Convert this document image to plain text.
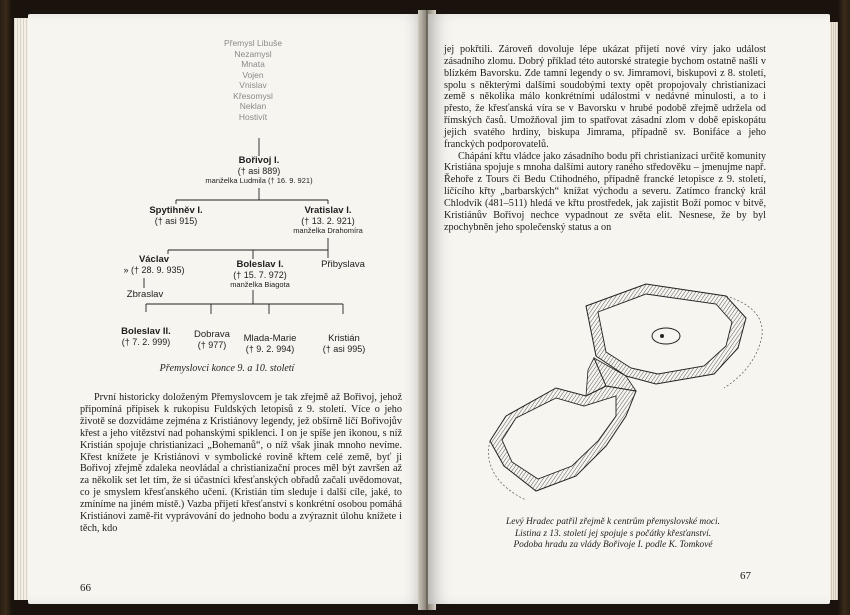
Přemysl Libuše
Nezamysl
Mnata
Vojen
Vnislav
Křesomysl
Neklan
Hostivít
Bořivoj I.
(† asi 889)
manželka Ludmila († 16. 9. 921)
Spytihněv I.
(† asi 915)
Vratislav I.
(† 13. 2. 921)
manželka Drahomíra
Václav
» († 28. 9. 935)	Boleslav I.
(† 15. 7. 972)
manželka Biagota
Přibyslava
Zbraslav
Boleslav II.
(† 7. 2. 999)
Dobrava
(† 977)
Mlada-Marie
(† 9. 2. 994)
Kristián
(† asi 995)
Přemyslovci konce 9. a 10. století

První historicky doloženým Přemyslovcem je tak zřejmě až Bořivoj, jehož připomíná přípisek k rukopisu Fuldských letopisů z 9. století. Více o jeho životě se dozvídáme zejména z Kristiánovy legendy, jež obšírně líčí Bořivojův křest a jeho vítězství nad pohanskými spiklenci. I on je spíše jen ikonou, s níž Kristián spojuje christianizaci „Bohemanů“, o níž však jinak mnoho nevíme. Křest knížete je Kristiánovi v symbolické rovině křtem celé země, byť ji Bořivoj zřejmě zdaleka neovládal a christianizační proces měl být završen až za několik set let tím, že si účastníci křesťanských obřadů začali uvědomovat, co je smyslem křesťanského učení. (Kristián tím sleduje i další cíle, jaké, to zmíníme na jiném místě.) Vazba přijetí křesťanství s konkrétní osobou pomáhá Kristiánovi zamě-řit vyprávování do jednoho bodu a zvýraznit úlohu knížete i těch, kdo

66

jej pokřtili. Zároveň dovoluje lépe ukázat přijetí nové víry jako událost zásadního zlomu. Dobrý příklad této autorské strategie bychom ostatně našli v blízkém Bavorsku. Zde tamní legendy o sv. Jimramovi, biskupovi z 8. století, spolu s některými dalšími soudobými texty opět propojovaly christianizaci země s několika málo konkrétními událostmi v nedávné minulosti, a to i přesto, že křesťanská víra se v Bavorsku v hrubé podobě zřejmě udržela od římských časů. Umožňoval jim to spatřovat zásadní zlom v době episkopátu jejich svatého hrdiny, biskupa Jimrama, případně sv. Bonifáce a jeho franckých podporovatelů.

Chápání křtu vládce jako zásadního bodu při christianizaci určitě komunity Kristiána spojuje s mnoha dalšími autory raného středověku – jmenujme např. Řehoře z Tours či Bedu Ctihodného, případně francké letopisce z 9. století, líčícího křty „barbarských“ knížat východu a severu. Zatímco francký král Chlodvík (481–511) hledá ve křtu prostředek, jak zajistit Boží pomoc v bitvě, Kristiánův Bořivoj nechce vypadnout ze světa elit. Nesnese, že by byl zpochybněn jeho společenský status a on

Levý Hradec patřil zřejmě k centrům přemyslovské moci.
Listina z 13. století jej spojuje s počátky křesťanství.
Podoba hradu za vlády Bořivoje I. podle K. Tomkové
67
